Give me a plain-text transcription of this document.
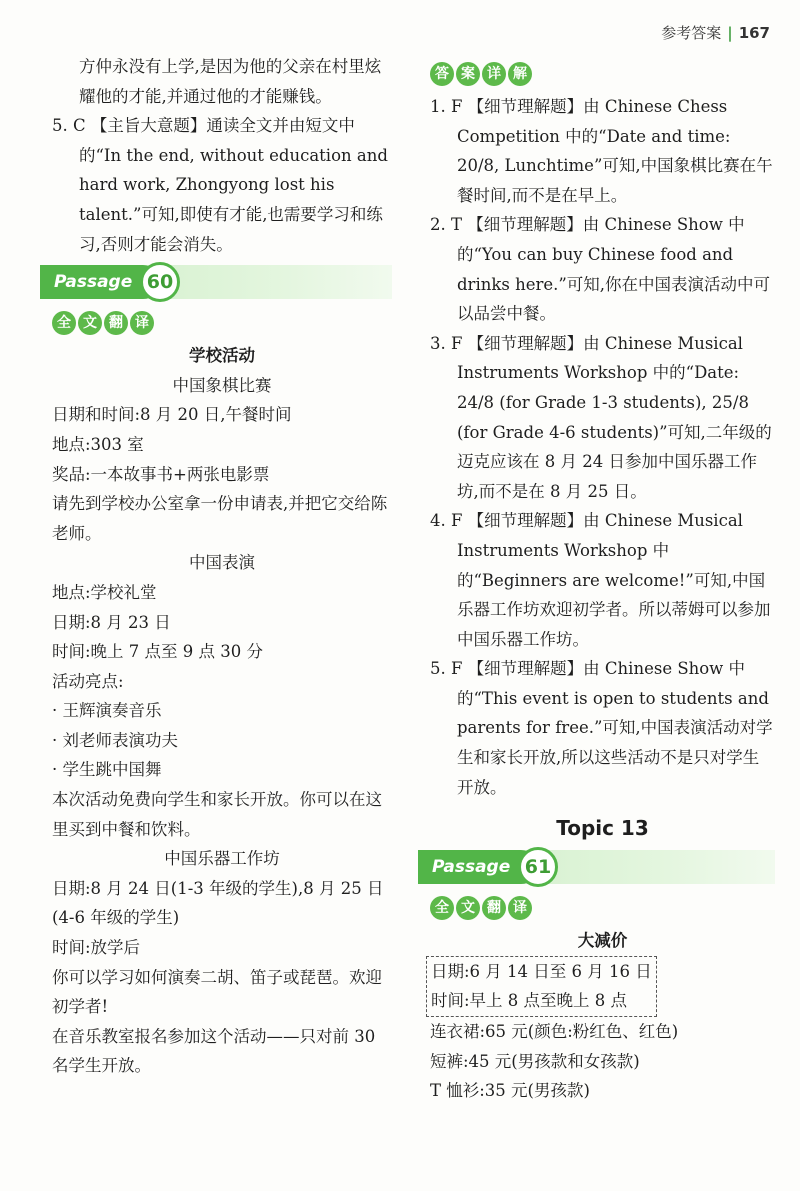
参考答案 | 167

方仲永没有上学,是因为他的父亲在村里炫耀他的才能,并通过他的才能赚钱。

5. C 【主旨大意题】通读全文并由短文中的“In the end, without education and hard work, Zhongyong lost his talent.”可知,即使有才能,也需要学习和练习,否则才能会消失。

Passage 60
全 文 翻 译

学校活动

中国象棋比赛

日期和时间:8 月 20 日,午餐时间

地点:303 室

奖品:一本故事书+两张电影票

请先到学校办公室拿一份申请表,并把它交给陈老师。

中国表演

地点:学校礼堂

日期:8 月 23 日

时间:晚上 7 点至 9 点 30 分

活动亮点:

· 王辉演奏音乐

· 刘老师表演功夫

· 学生跳中国舞

本次活动免费向学生和家长开放。你可以在这里买到中餐和饮料。

中国乐器工作坊

日期:8 月 24 日(1-3 年级的学生),8 月 25 日(4-6 年级的学生)

时间:放学后

你可以学习如何演奏二胡、笛子或琵琶。欢迎初学者!

在音乐教室报名参加这个活动——只对前 30 名学生开放。

答 案 详 解

1. F 【细节理解题】由 Chinese Chess Competition 中的“Date and time: 20/8, Lunchtime”可知,中国象棋比赛在午餐时间,而不是在早上。

2. T 【细节理解题】由 Chinese Show 中的“You can buy Chinese food and drinks here.”可知,你在中国表演活动中可以品尝中餐。

3. F 【细节理解题】由 Chinese Musical Instruments Workshop 中的“Date: 24/8 (for Grade 1-3 students), 25/8 (for Grade 4-6 students)”可知,二年级的迈克应该在 8 月 24 日参加中国乐器工作坊,而不是在 8 月 25 日。

4. F 【细节理解题】由 Chinese Musical Instruments Workshop 中的“Beginners are welcome!”可知,中国乐器工作坊欢迎初学者。所以蒂姆可以参加中国乐器工作坊。

5. F 【细节理解题】由 Chinese Show 中的“This event is open to students and parents for free.”可知,中国表演活动对学生和家长开放,所以这些活动不是只对学生开放。

Topic 13
Passage 61
全 文 翻 译

大减价

日期:6 月 14 日至 6 月 16 日

时间:早上 8 点至晚上 8 点

连衣裙:65 元(颜色:粉红色、红色)

短裤:45 元(男孩款和女孩款)

T 恤衫:35 元(男孩款)
